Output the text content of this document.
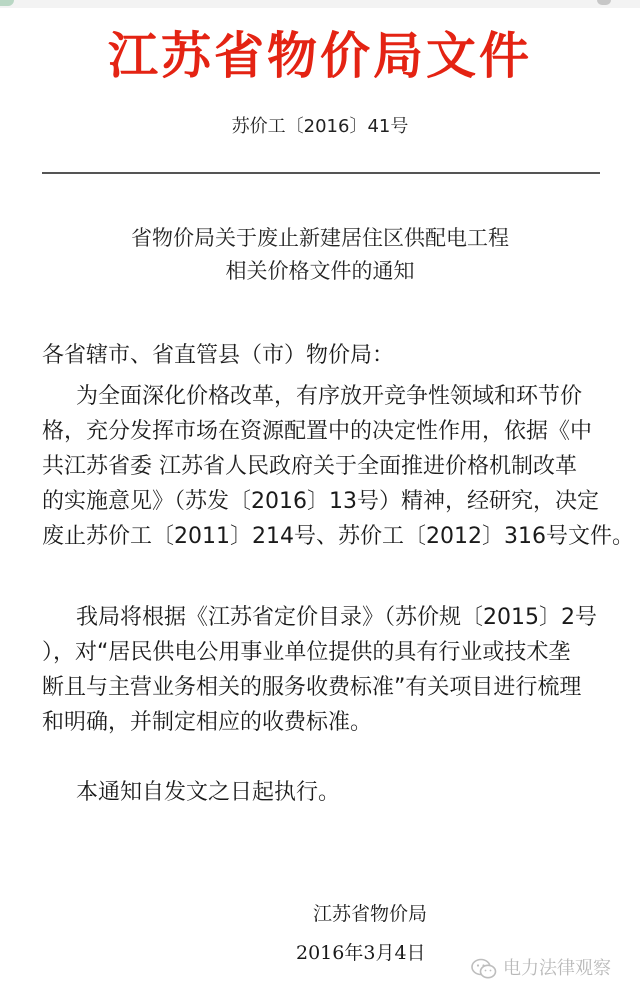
江苏省物价局文件
苏价工〔2016〕41号
省物价局关于废止新建居住区供配电工程
相关价格文件的通知
各省辖市、省直管县（市）物价局：
为全面深化价格改革，有序放开竞争性领域和环节价
格，充分发挥市场在资源配置中的决定性作用，依据《中
共江苏省委 江苏省人民政府关于全面推进价格机制改革
的实施意见》（苏发〔2016〕13号）精神，经研究，决定
废止苏价工〔2011〕214号、苏价工〔2012〕316号文件。
我局将根据《江苏省定价目录》（苏价规〔2015〕2号
），对“居民供电公用事业单位提供的具有行业或技术垄
断且与主营业务相关的服务收费标准”有关项目进行梳理
和明确，并制定相应的收费标准。
本通知自发文之日起执行。
江苏省物价局
2016年3月4日
电力法律观察
